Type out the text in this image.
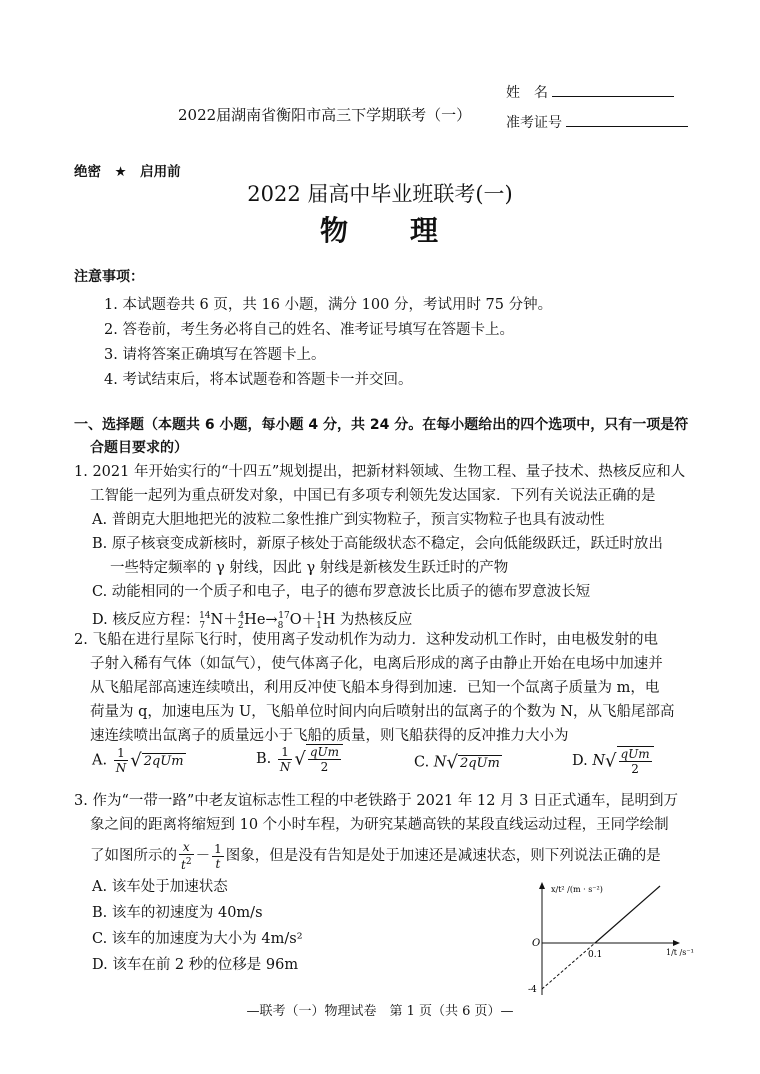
姓　名
2022届湖南省衡阳市高三下学期联考（一） 准考证号
绝密　★　启用前
2022 届高中毕业班联考(一)
物　　理
注意事项：
1. 本试题卷共 6 页，共 16 小题，满分 100 分，考试用时 75 分钟。
2. 答卷前，考生务必将自己的姓名、准考证号填写在答题卡上。
3. 请将答案正确填写在答题卡上。
4. 考试结束后，将本试题卷和答题卡一并交回。
一、选择题（本题共 6 小题，每小题 4 分，共 24 分。在每小题给出的四个选项中，只有一项是符
合题目要求的）
1. 2021 年开始实行的“十四五”规划提出，把新材料领域、生物工程、量子技术、热核反应和人
工智能一起列为重点研发对象，中国已有多项专利领先发达国家．下列有关说法正确的是
A. 普朗克大胆地把光的波粒二象性推广到实物粒子，预言实物粒子也具有波动性
B. 原子核衰变成新核时，新原子核处于高能级状态不稳定，会向低能级跃迁，跃迁时放出
一些特定频率的 γ 射线，因此 γ 射线是新核发生跃迁时的产物
C. 动能相同的一个质子和电子，电子的德布罗意波长比质子的德布罗意波长短
D. 核反应方程：$_7^{14}N+_2^4He\to_8^{17}O+_1^1H$ 为热核反应
2. 飞船在进行星际飞行时，使用离子发动机作为动力．这种发动机工作时，由电极发射的电
子射入稀有气体（如氙气），使气体离子化，电离后形成的离子由静止开始在电场中加速并
从飞船尾部高速连续喷出，利用反冲使飞船本身得到加速．已知一个氙离子质量为 m，电
荷量为 q，加速电压为 U，飞船单位时间内向后喷射出的氙离子的个数为 N，从飞船尾部高
速连续喷出氙离子的质量远小于飞船的质量，则飞船获得的反冲推力大小为
A. $\frac{1}{N}$ √ 2qUm	B. $\frac{1}{N}$ √ $\frac{\text{qUm}}{2}$	C. N√ 2qUm	D. $N√ \frac{\text{qUm}}{2}$
3. 作为“一带一路”中老友谊标志性工程的中老铁路于 2021 年 12 月 3 日正式通车，昆明到万
象之间的距离将缩短到 10 个小时车程，为研究某趟高铁的某段直线运动过程，王同学绘制
了如图所示的 $\frac{x}{t^2} - \frac{1}{t}$ 图象，但是没有告知是处于加速还是减速状态，则下列说法正确的是
A. 该车处于加速状态
B. 该车的初速度为 40m/s
C. 该车的加速度为大小为 4m/s²
D. 该车在前 2 秒的位移是 96m
x/t² /(m · s⁻²)
1/t /s⁻¹
O
0.1
-4
—联考（一）物理试卷　第 1 页（共 6 页）—
